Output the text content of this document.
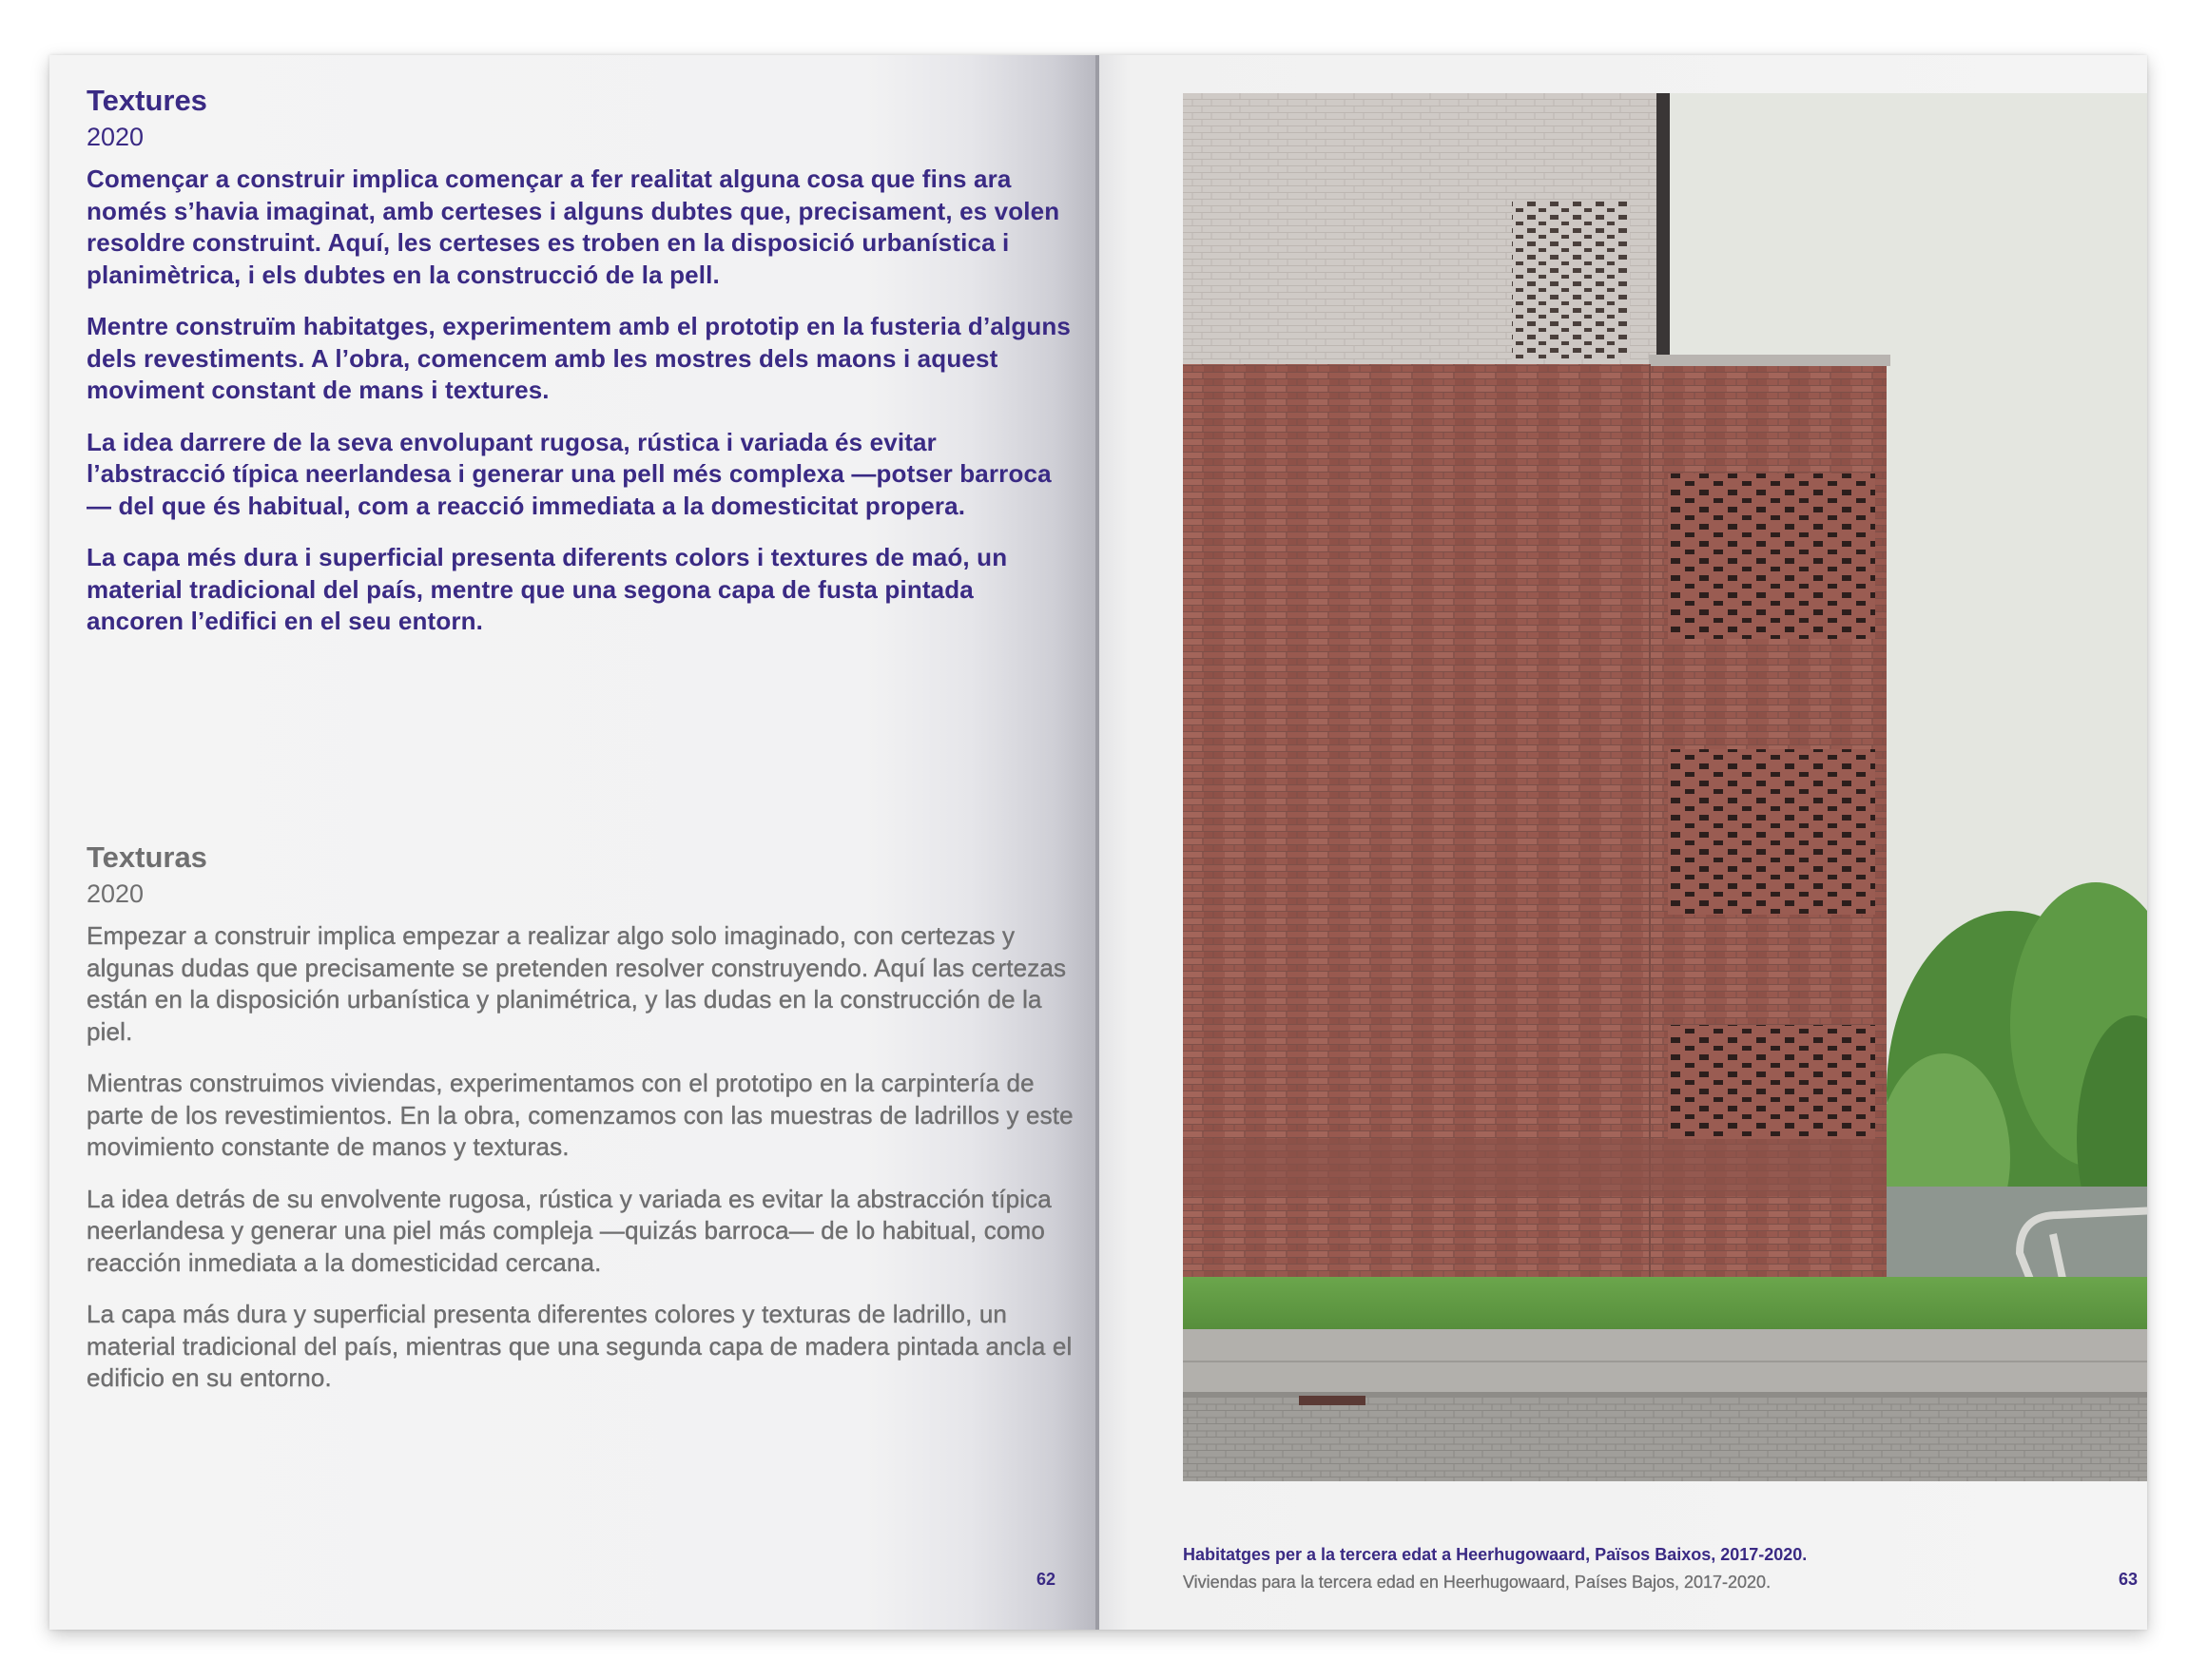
Textures
2020

Començar a construir implica començar a fer realitat alguna cosa que fins ara només s’havia imaginat, amb certeses i alguns dubtes que, precisament, es volen resoldre construint. Aquí, les certeses es troben en la disposició urbanística i planimètrica, i els dubtes en la construcció de la pell.

Mentre construïm habitatges, experimentem amb el prototip en la fusteria d’alguns dels revestiments. A l’obra, comencem amb les mostres dels maons i aquest moviment constant de mans i textures.

La idea darrere de la seva envolupant rugosa, rústica i variada és evitar l’abstracció típica neerlandesa i generar una pell més complexa —potser barroca— del que és habitual, com a reacció immediata a la domesticitat propera.

La capa més dura i superficial presenta diferents colors i textures de maó, un material tradicional del país, mentre que una segona capa de fusta pintada ancoren l’edifici en el seu entorn.

Texturas
2020

Empezar a construir implica empezar a realizar algo solo imaginado, con certezas y algunas dudas que precisamente se pretenden resolver construyendo. Aquí las certezas están en la disposición urbanística y planimétrica, y las dudas en la construcción de la piel.

Mientras construimos viviendas, experimentamos con el prototipo en la carpintería de parte de los revestimientos. En la obra, comenzamos con las muestras de ladrillos y este movimiento constante de manos y texturas.

La idea detrás de su envolvente rugosa, rústica y variada es evitar la abstracción típica neerlandesa y generar una piel más compleja —quizás barroca— de lo habitual, como reacción inmediata a la domesticidad cercana.

La capa más dura y superficial presenta diferentes colores y texturas de ladrillo, un material tradicional del país, mientras que una segunda capa de madera pintada ancla el edificio en su entorno.

62
Habitatges per a la tercera edat a Heerhugowaard, Països Baixos, 2017-2020.
Viviendas para la tercera edad en Heerhugowaard, Países Bajos, 2017-2020.	63
